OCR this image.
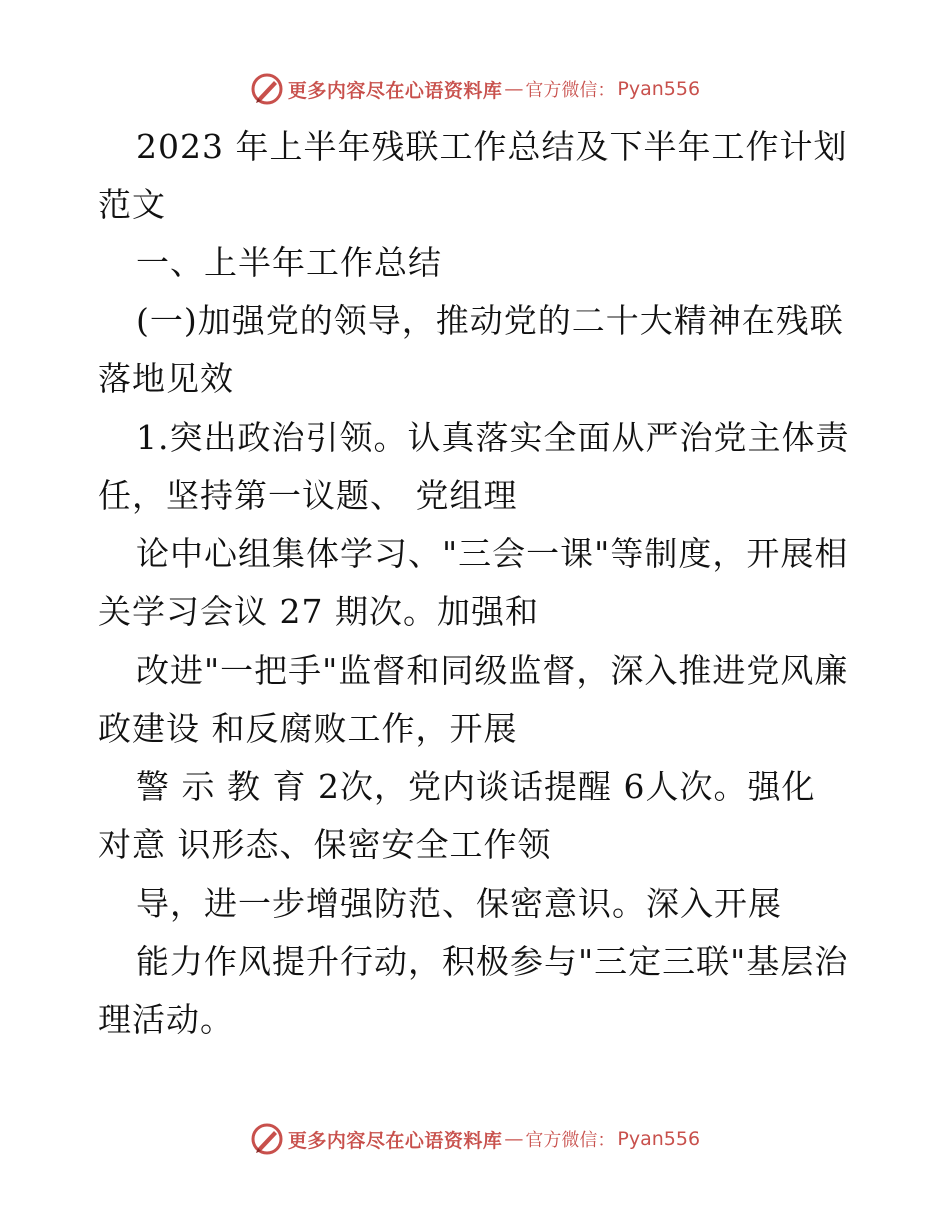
更多内容尽在心语资料库 — 官方微信： Pyan556

2023 年上半年残联工作总结及下半年工作计划

范文

一、上半年工作总结

(一)加强党的领导，推动党的二十大精神在残联

落地见效

1.突出政治引领。认真落实全面从严治党主体责

任，坚持第一议题、 党组理

论中心组集体学习、"三会一课"等制度，开展相

关学习会议 27 期次。加强和

改进"一把手"监督和同级监督，深入推进党风廉

政建设 和反腐败工作，开展

警 示 教 育 2次，党内谈话提醒 6人次。强化

对意 识形态、保密安全工作领

导，进一步增强防范、保密意识。深入开展

能力作风提升行动，积极参与"三定三联"基层治

理活动。

更多内容尽在心语资料库 — 官方微信： Pyan556
